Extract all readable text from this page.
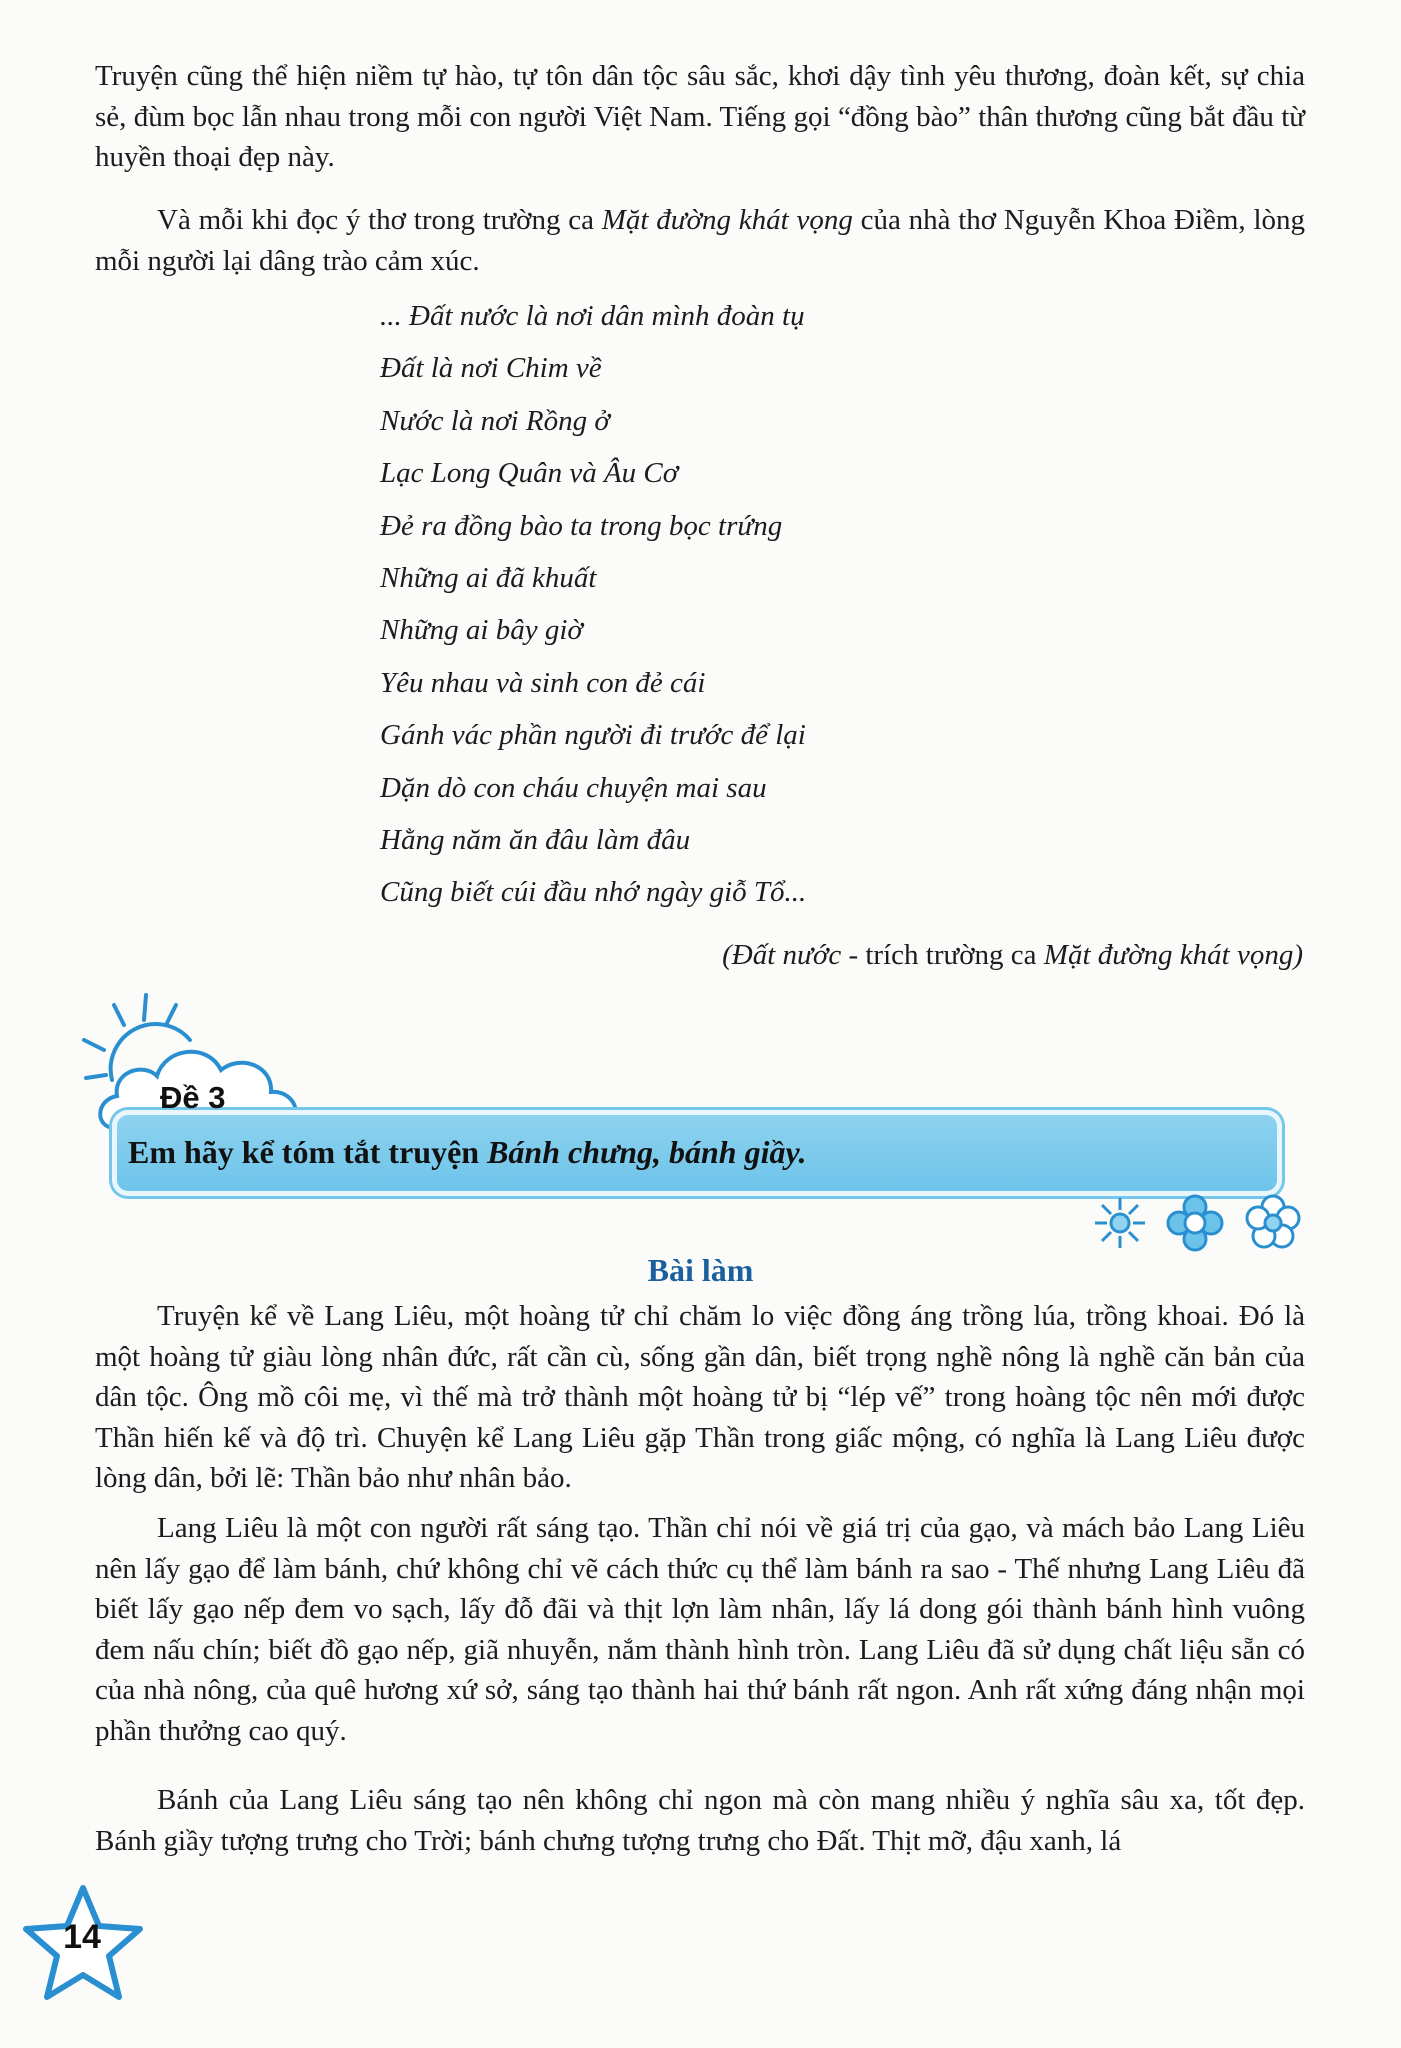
Truyện cũng thể hiện niềm tự hào, tự tôn dân tộc sâu sắc, khơi dậy tình yêu thương, đoàn kết, sự chia sẻ, đùm bọc lẫn nhau trong mỗi con người Việt Nam. Tiếng gọi “đồng bào” thân thương cũng bắt đầu từ huyền thoại đẹp này.

Và mỗi khi đọc ý thơ trong trường ca Mặt đường khát vọng của nhà thơ Nguyễn Khoa Điềm, lòng mỗi người lại dâng trào cảm xúc.

... Đất nước là nơi dân mình đoàn tụ
Đất là nơi Chim về
Nước là nơi Rồng ở
Lạc Long Quân và Âu Cơ
Đẻ ra đồng bào ta trong bọc trứng
Những ai đã khuất
Những ai bây giờ
Yêu nhau và sinh con đẻ cái
Gánh vác phần người đi trước để lại
Dặn dò con cháu chuyện mai sau
Hằng năm ăn đâu làm đâu
Cũng biết cúi đầu nhớ ngày giỗ Tổ...

(Đất nước - trích trường ca Mặt đường khát vọng)

Đề 3
Em hãy kể tóm tắt truyện Bánh chưng, bánh giầy.
Bài làm

Truyện kể về Lang Liêu, một hoàng tử chỉ chăm lo việc đồng áng trồng lúa, trồng khoai. Đó là một hoàng tử giàu lòng nhân đức, rất cần cù, sống gần dân, biết trọng nghề nông là nghề căn bản của dân tộc. Ông mồ côi mẹ, vì thế mà trở thành một hoàng tử bị “lép vế” trong hoàng tộc nên mới được Thần hiến kế và độ trì. Chuyện kể Lang Liêu gặp Thần trong giấc mộng, có nghĩa là Lang Liêu được lòng dân, bởi lẽ: Thần bảo như nhân bảo.

Lang Liêu là một con người rất sáng tạo. Thần chỉ nói về giá trị của gạo, và mách bảo Lang Liêu nên lấy gạo để làm bánh, chứ không chỉ vẽ cách thức cụ thể làm bánh ra sao - Thế nhưng Lang Liêu đã biết lấy gạo nếp đem vo sạch, lấy đỗ đãi và thịt lợn làm nhân, lấy lá dong gói thành bánh hình vuông đem nấu chín; biết đồ gạo nếp, giã nhuyễn, nắm thành hình tròn. Lang Liêu đã sử dụng chất liệu sẵn có của nhà nông, của quê hương xứ sở, sáng tạo thành hai thứ bánh rất ngon. Anh rất xứng đáng nhận mọi phần thưởng cao quý.

Bánh của Lang Liêu sáng tạo nên không chỉ ngon mà còn mang nhiều ý nghĩa sâu xa, tốt đẹp. Bánh giầy tượng trưng cho Trời; bánh chưng tượng trưng cho Đất. Thịt mỡ, đậu xanh, lá

14
